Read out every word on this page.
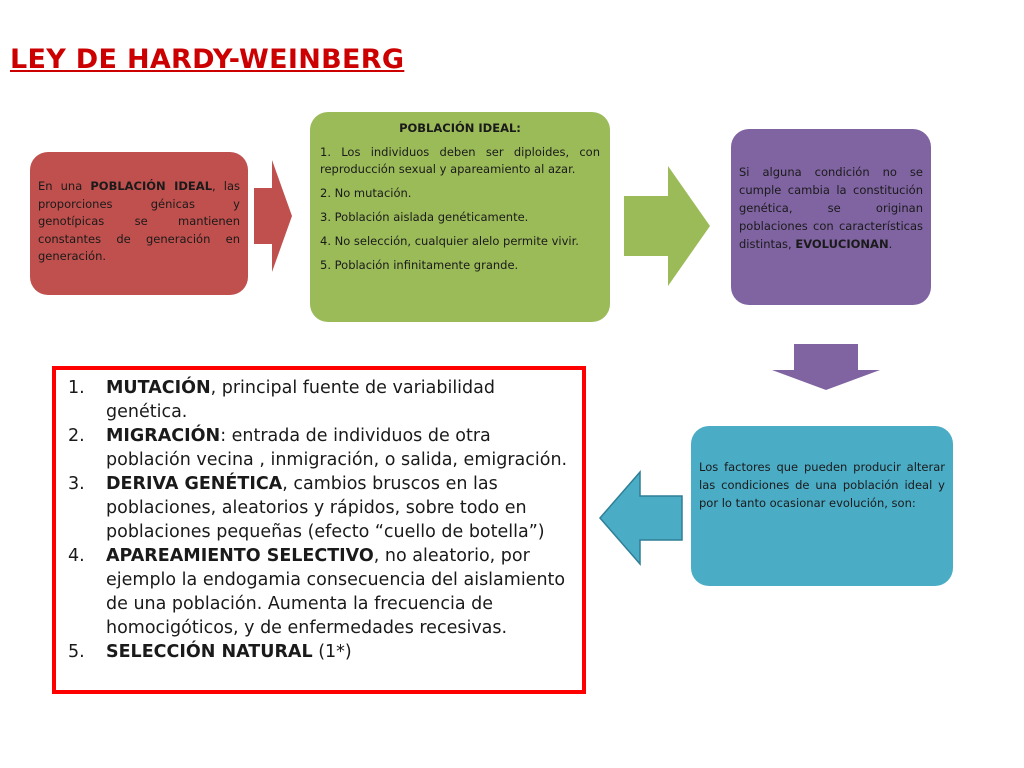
LEY DE HARDY-WEINBERG
En una POBLACIÓN IDEAL, las proporciones génicas y genotípicas se mantienen constantes de generación en generación.
POBLACIÓN IDEAL:
1. Los individuos deben ser diploides, con reproducción sexual y apareamiento al azar.
2. No mutación.
3. Población aislada genéticamente.
4. No selección, cualquier alelo permite vivir.
5. Población infinitamente grande.
Si alguna condición no se cumple cambia la constitución genética, se originan poblaciones con características distintas, EVOLUCIONAN.
Los factores que pueden producir alterar las condiciones de una población ideal y por lo tanto ocasionar evolución, son:
1. MUTACIÓN, principal fuente de variabilidad genética.
2. MIGRACIÓN: entrada de individuos de otra población vecina , inmigración, o salida, emigración.
3. DERIVA GENÉTICA, cambios bruscos en las poblaciones, aleatorios y rápidos, sobre todo en poblaciones pequeñas (efecto “cuello de botella”)
4. APAREAMIENTO SELECTIVO, no aleatorio, por ejemplo la endogamia consecuencia del aislamiento de una población. Aumenta la frecuencia de homocigóticos, y de enfermedades recesivas.
5. SELECCIÓN NATURAL (1*)
